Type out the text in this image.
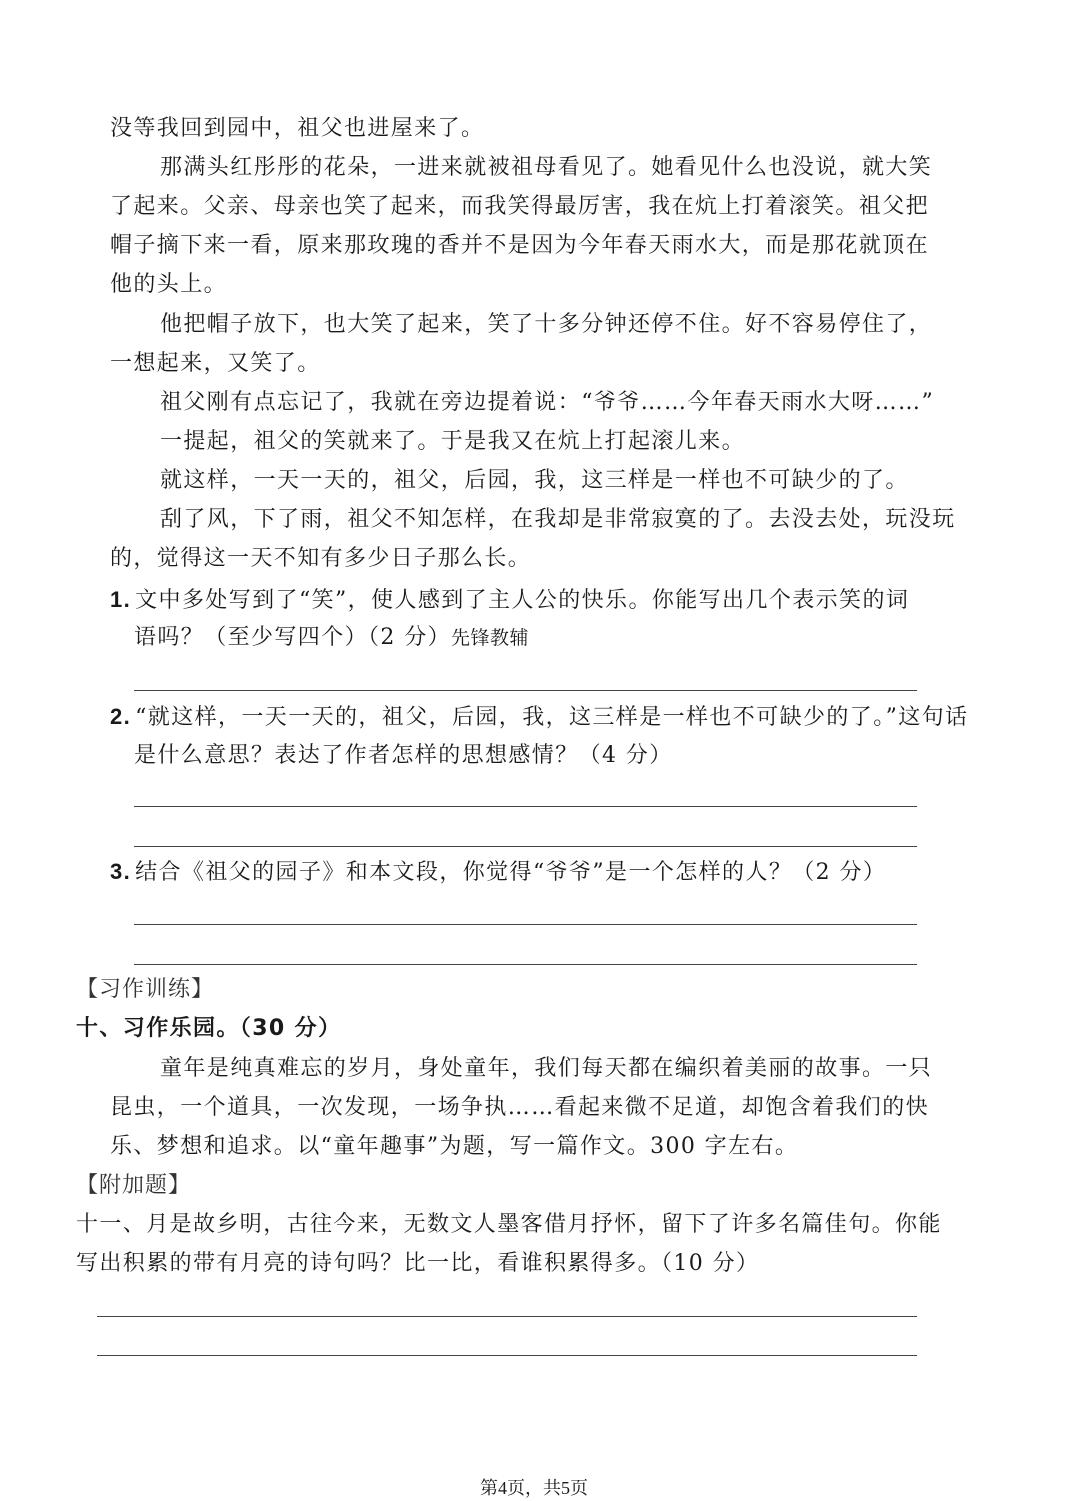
没等我回到园中，祖父也进屋来了。
那满头红彤彤的花朵，一进来就被祖母看见了。她看见什么也没说，就大笑
了起来。父亲、母亲也笑了起来，而我笑得最厉害，我在炕上打着滚笑。祖父把
帽子摘下来一看，原来那玫瑰的香并不是因为今年春天雨水大，而是那花就顶在
他的头上。
他把帽子放下，也大笑了起来，笑了十多分钟还停不住。好不容易停住了，
一想起来，又笑了。
祖父刚有点忘记了，我就在旁边提着说：“爷爷……今年春天雨水大呀……”
一提起，祖父的笑就来了。于是我又在炕上打起滚儿来。
就这样，一天一天的，祖父，后园，我，这三样是一样也不可缺少的了。
刮了风，下了雨，祖父不知怎样，在我却是非常寂寞的了。去没去处，玩没玩
的，觉得这一天不知有多少日子那么长。
1. 文中多处写到了“笑”，使人感到了主人公的快乐。你能写出几个表示笑的词
语吗？（至少写四个）（2 分）先锋教辅
2. “就这样，一天一天的，祖父，后园，我，这三样是一样也不可缺少的了。”这句话
是什么意思？表达了作者怎样的思想感情？（4 分）
3. 结合《祖父的园子》和本文段，你觉得“爷爷”是一个怎样的人？（2 分）
【习作训练】
十、习作乐园。（30 分）
童年是纯真难忘的岁月，身处童年，我们每天都在编织着美丽的故事。一只
昆虫，一个道具，一次发现，一场争执……看起来微不足道，却饱含着我们的快
乐、梦想和追求。以“童年趣事”为题，写一篇作文。300 字左右。
【附加题】
十一、月是故乡明，古往今来，无数文人墨客借月抒怀，留下了许多名篇佳句。你能
写出积累的带有月亮的诗句吗？比一比，看谁积累得多。（10 分）
第4页，共5页
